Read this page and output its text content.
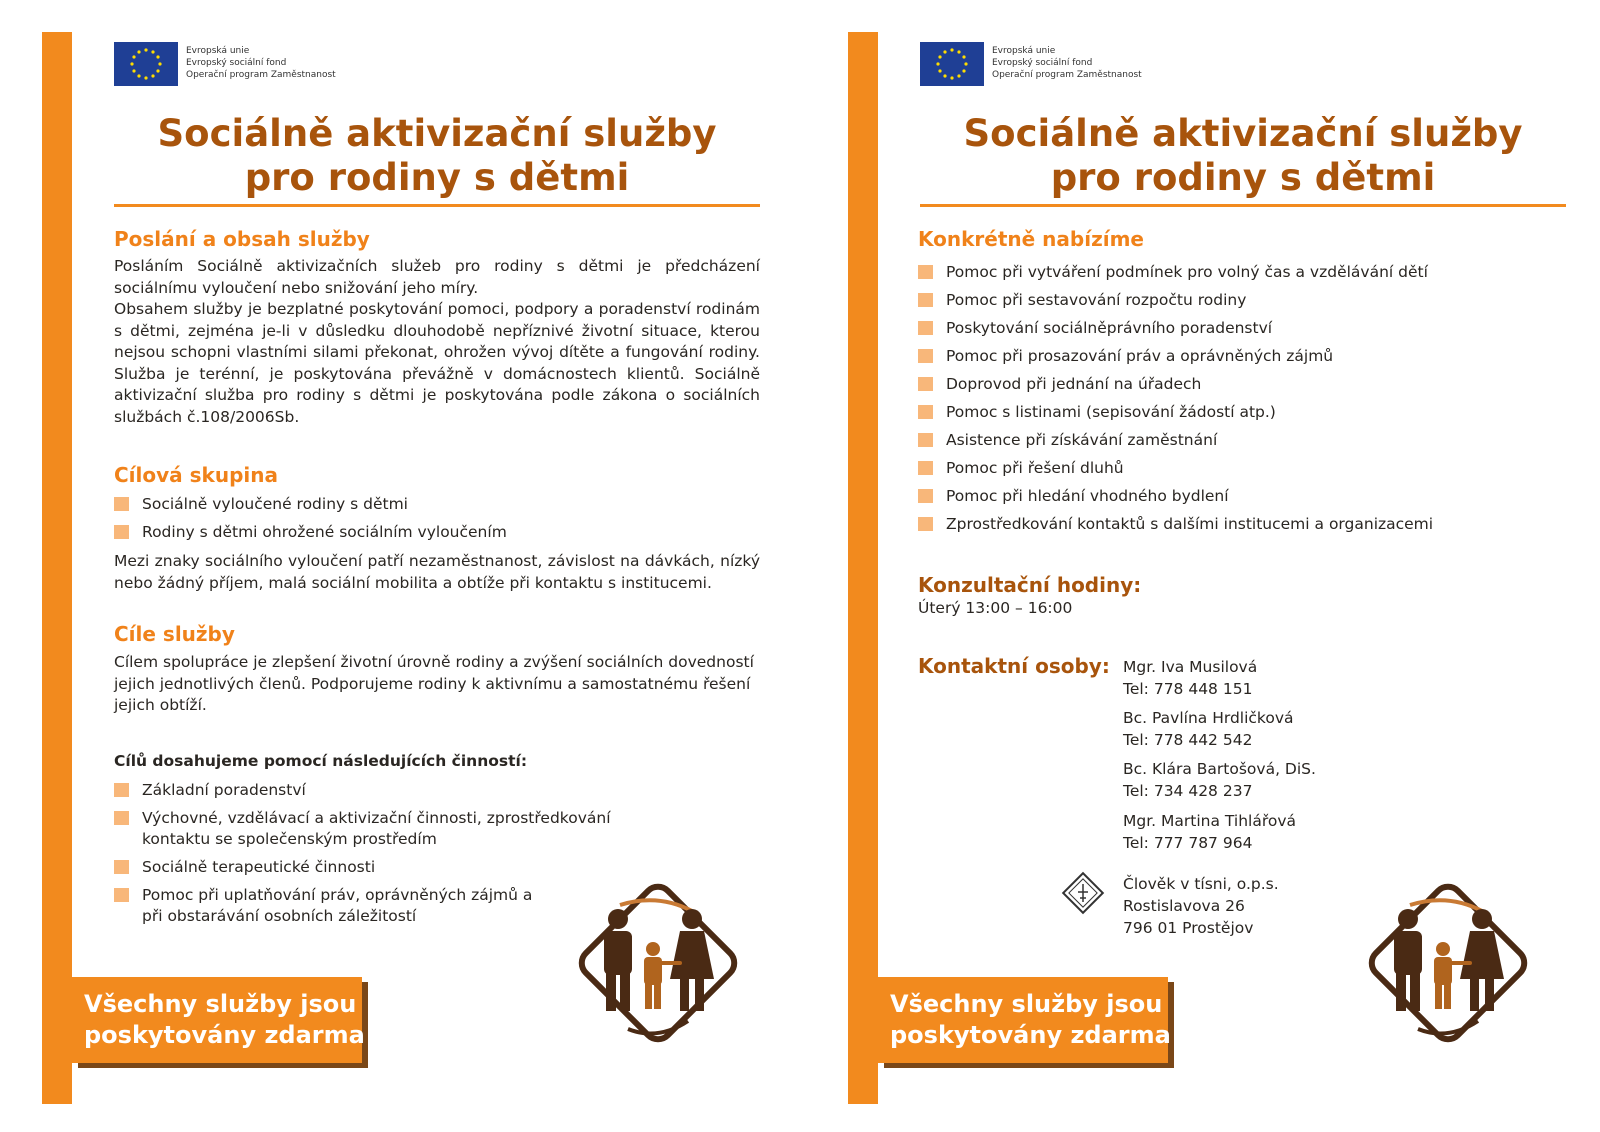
Evropská unie
Evropský sociální fond
Operační program Zaměstnanost
Sociálně aktivizační služby
pro rodiny s dětmi
Poslání a obsah služby
Posláním Sociálně aktivizačních služeb pro rodiny s dětmi je předcházení sociálnímu vyloučení nebo snižování jeho míry.
Obsahem služby je bezplatné poskytování pomoci, podpory a poradenství rodinám s dětmi, zejména je-li v důsledku dlouhodobě nepříznivé životní situace, kterou nejsou schopni vlastními silami překonat, ohrožen vývoj dítěte a fungování rodiny. Služba je terénní, je poskytována převážně v domácnostech klientů. Sociálně aktivizační služba pro rodiny s dětmi je poskytována podle zákona o sociálních službách č.108/2006Sb.
Cílová skupina
Sociálně vyloučené rodiny s dětmi
Rodiny s dětmi ohrožené sociálním vyloučením
Mezi znaky sociálního vyloučení patří nezaměstnanost, závislost na dávkách, nízký nebo žádný příjem, malá sociální mobilita a obtíže při kontaktu s institucemi.
Cíle služby
Cílem spolupráce je zlepšení životní úrovně rodiny a zvýšení sociálních dovedností jejich jednotlivých členů. Podporujeme rodiny k aktivnímu a samostatnému řešení jejich obtíží.
Cílů dosahujeme pomocí následujících činností:
Základní poradenství
Výchovné, vzdělávací a aktivizační činnosti, zprostředkování kontaktu se společenským prostředím
Sociálně terapeutické činnosti
Pomoc při uplatňování práv, oprávněných zájmů a při obstarávání osobních záležitostí
Všechny služby jsou
poskytovány zdarma
Evropská unie
Evropský sociální fond
Operační program Zaměstnanost
Sociálně aktivizační služby
pro rodiny s dětmi
Konkrétně nabízíme
Pomoc při vytváření podmínek pro volný čas a vzdělávání dětí
Pomoc při sestavování rozpočtu rodiny
Poskytování sociálněprávního poradenství
Pomoc při prosazování práv a oprávněných zájmů
Doprovod při jednání na úřadech
Pomoc s listinami (sepisování žádostí atp.)
Asistence při získávání zaměstnání
Pomoc při řešení dluhů
Pomoc při hledání vhodného bydlení
Zprostředkování kontaktů s dalšími institucemi a organizacemi
Konzultační hodiny:
Úterý 13:00 – 16:00
Kontaktní osoby: Mgr. Iva Musilová
Tel: 778 448 151
Bc. Pavlína Hrdličková
Tel: 778 442 542
Bc. Klára Bartošová, DiS.
Tel: 734 428 237
Mgr. Martina Tihlářová
Tel: 777 787 964
Člověk v tísni, o.p.s.
Rostislavova 26
796 01 Prostějov
Všechny služby jsou
poskytovány zdarma
